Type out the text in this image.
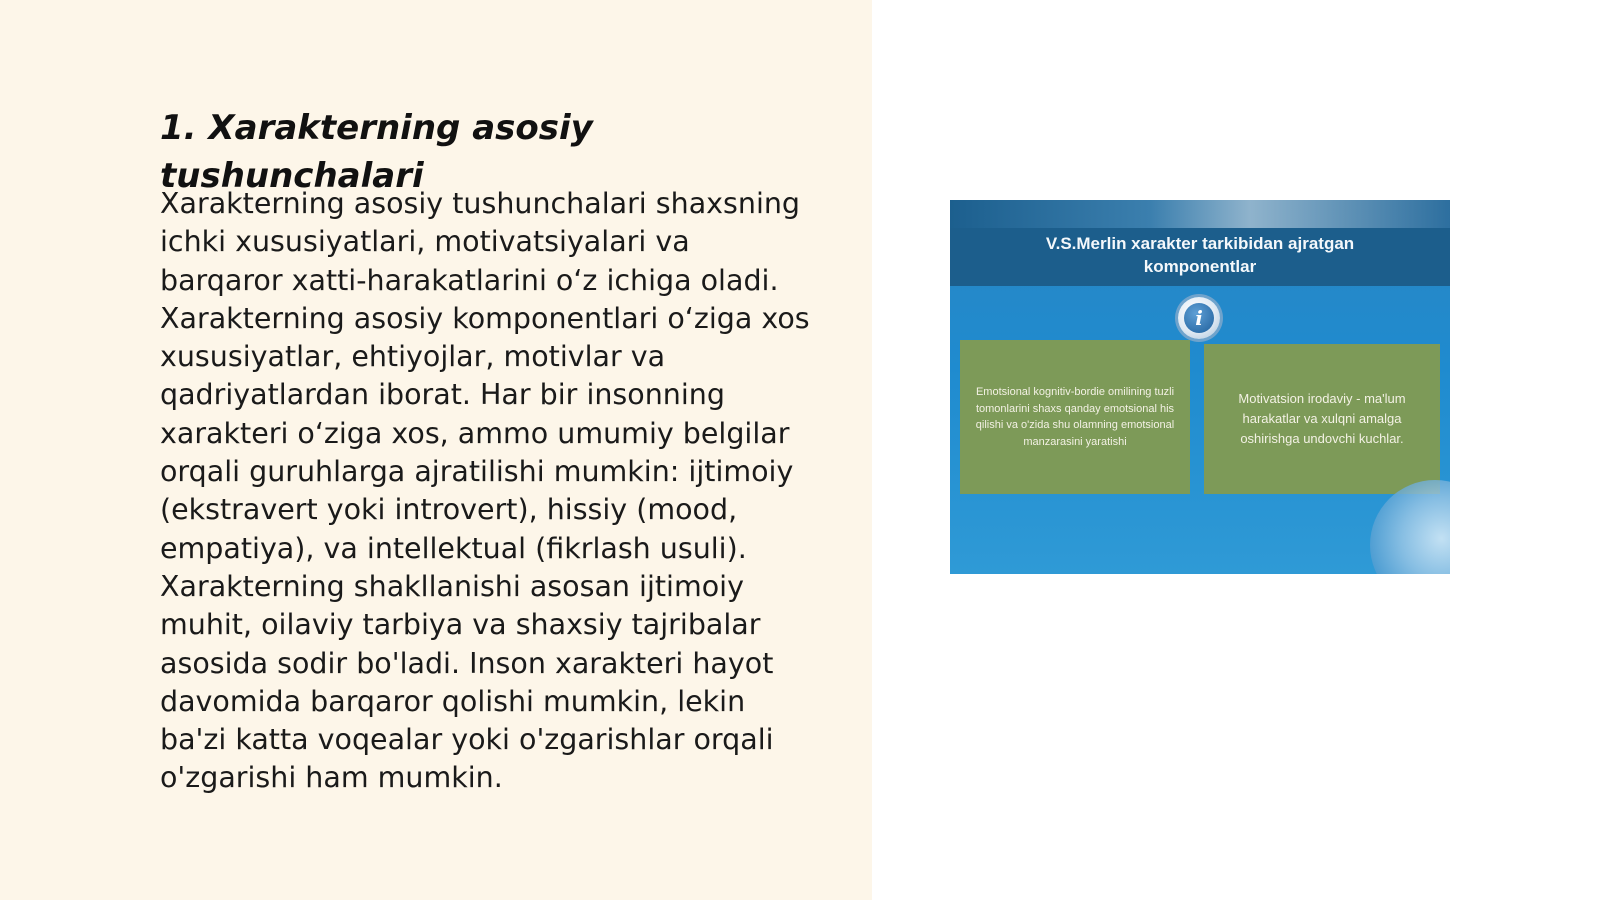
1. Xarakterning asosiy tushunchalari

Xarakterning asosiy tushunchalari shaxsning
ichki xususiyatlari, motivatsiyalari va
barqaror xatti-harakatlarini o‘z ichiga oladi.
Xarakterning asosiy komponentlari o‘ziga xos
xususiyatlar, ehtiyojlar, motivlar va
qadriyatlardan iborat. Har bir insonning
xarakteri o‘ziga xos, ammo umumiy belgilar
orqali guruhlarga ajratilishi mumkin: ijtimoiy
(ekstravert yoki introvert), hissiy (mood,
empatiya), va intellektual (fikrlash usuli).
Xarakterning shakllanishi asosan ijtimoiy
muhit, oilaviy tarbiya va shaxsiy tajribalar
asosida sodir bo'ladi. Inson xarakteri hayot
davomida barqaror qolishi mumkin, lekin
ba'zi katta voqealar yoki o'zgarishlar orqali
o'zgarishi ham mumkin.

V.S.Merlin xarakter tarkibidan ajratgan
komponentlar
i
Emotsional kognitiv-bordie omilining tuzli tomonlarini shaxs qanday emotsional his qilishi va o'zida shu olamning emotsional manzarasini yaratishi
Motivatsion irodaviy - ma'lum harakatlar va xulqni amalga oshirishga undovchi kuchlar.
